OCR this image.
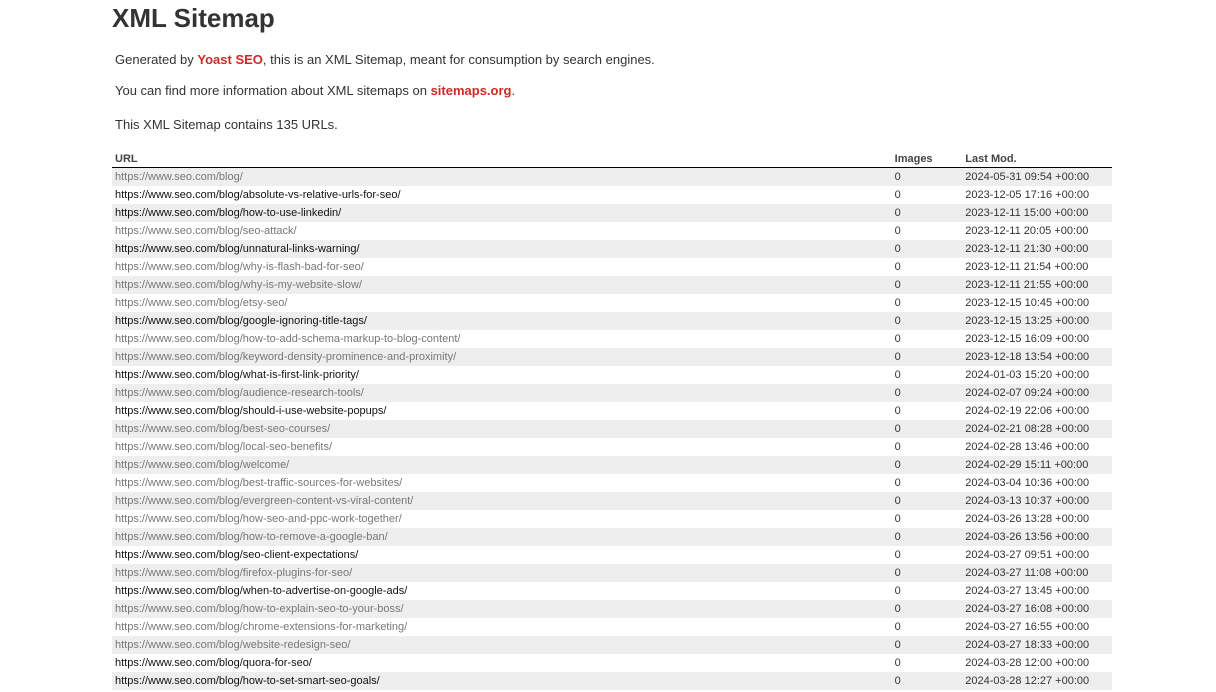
XML Sitemap
Generated by Yoast SEO, this is an XML Sitemap, meant for consumption by search engines.
You can find more information about XML sitemaps on sitemaps.org.
This XML Sitemap contains 135 URLs.
URL	Images	Last Mod.
https://www.seo.com/blog/	0	2024-05-31 09:54 +00:00
https://www.seo.com/blog/absolute-vs-relative-urls-for-seo/	0	2023-12-05 17:16 +00:00
https://www.seo.com/blog/how-to-use-linkedin/	0	2023-12-11 15:00 +00:00
https://www.seo.com/blog/seo-attack/	0	2023-12-11 20:05 +00:00
https://www.seo.com/blog/unnatural-links-warning/	0	2023-12-11 21:30 +00:00
https://www.seo.com/blog/why-is-flash-bad-for-seo/	0	2023-12-11 21:54 +00:00
https://www.seo.com/blog/why-is-my-website-slow/	0	2023-12-11 21:55 +00:00
https://www.seo.com/blog/etsy-seo/	0	2023-12-15 10:45 +00:00
https://www.seo.com/blog/google-ignoring-title-tags/	0	2023-12-15 13:25 +00:00
https://www.seo.com/blog/how-to-add-schema-markup-to-blog-content/	0	2023-12-15 16:09 +00:00
https://www.seo.com/blog/keyword-density-prominence-and-proximity/	0	2023-12-18 13:54 +00:00
https://www.seo.com/blog/what-is-first-link-priority/	0	2024-01-03 15:20 +00:00
https://www.seo.com/blog/audience-research-tools/	0	2024-02-07 09:24 +00:00
https://www.seo.com/blog/should-i-use-website-popups/	0	2024-02-19 22:06 +00:00
https://www.seo.com/blog/best-seo-courses/	0	2024-02-21 08:28 +00:00
https://www.seo.com/blog/local-seo-benefits/	0	2024-02-28 13:46 +00:00
https://www.seo.com/blog/welcome/	0	2024-02-29 15:11 +00:00
https://www.seo.com/blog/best-traffic-sources-for-websites/	0	2024-03-04 10:36 +00:00
https://www.seo.com/blog/evergreen-content-vs-viral-content/	0	2024-03-13 10:37 +00:00
https://www.seo.com/blog/how-seo-and-ppc-work-together/	0	2024-03-26 13:28 +00:00
https://www.seo.com/blog/how-to-remove-a-google-ban/	0	2024-03-26 13:56 +00:00
https://www.seo.com/blog/seo-client-expectations/	0	2024-03-27 09:51 +00:00
https://www.seo.com/blog/firefox-plugins-for-seo/	0	2024-03-27 11:08 +00:00
https://www.seo.com/blog/when-to-advertise-on-google-ads/	0	2024-03-27 13:45 +00:00
https://www.seo.com/blog/how-to-explain-seo-to-your-boss/	0	2024-03-27 16:08 +00:00
https://www.seo.com/blog/chrome-extensions-for-marketing/	0	2024-03-27 16:55 +00:00
https://www.seo.com/blog/website-redesign-seo/	0	2024-03-27 18:33 +00:00
https://www.seo.com/blog/quora-for-seo/	0	2024-03-28 12:00 +00:00
https://www.seo.com/blog/how-to-set-smart-seo-goals/	0	2024-03-28 12:27 +00:00
